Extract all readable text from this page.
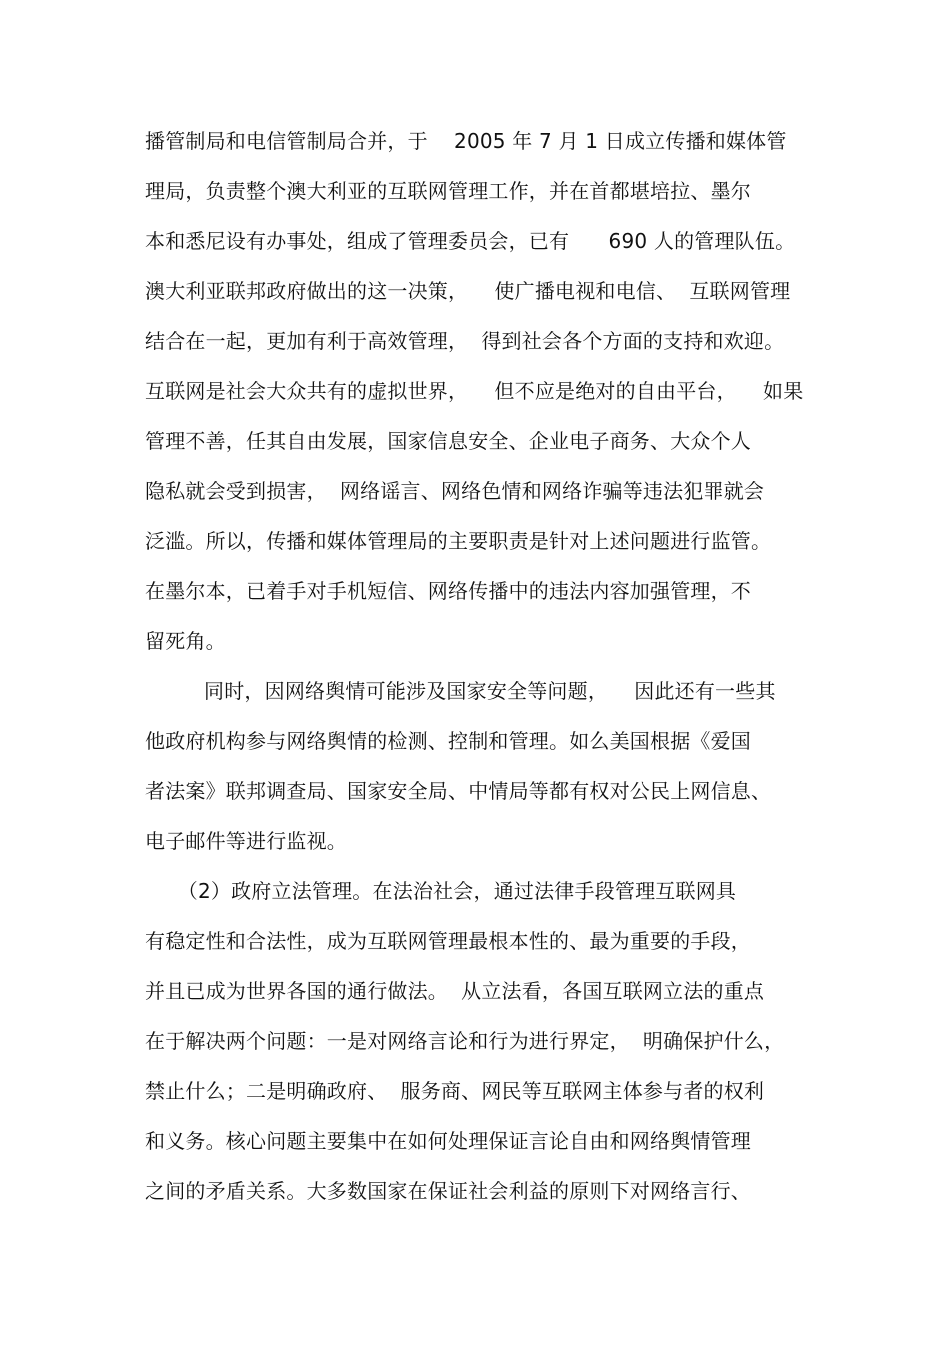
播管制局和电信管制局合并，于    2005 年 7 月 1 日成立传播和媒体管
理局，负责整个澳大利亚的互联网管理工作，并在首都堪培拉、墨尔
本和悉尼设有办事处，组成了管理委员会，已有      690 人的管理队伍。
澳大利亚联邦政府做出的这一决策，    使广播电视和电信、  互联网管理
结合在一起，更加有利于高效管理，  得到社会各个方面的支持和欢迎。
互联网是社会大众共有的虚拟世界，    但不应是绝对的自由平台，    如果
管理不善，任其自由发展，国家信息安全、企业电子商务、大众个人
隐私就会受到损害，  网络谣言、网络色情和网络诈骗等违法犯罪就会
泛滥。所以，传播和媒体管理局的主要职责是针对上述问题进行监管。
在墨尔本，已着手对手机短信、网络传播中的违法内容加强管理，不
留死角。
同时，因网络舆情可能涉及国家安全等问题，    因此还有一些其
他政府机构参与网络舆情的检测、控制和管理。如么美国根据《爱国
者法案》联邦调查局、国家安全局、中情局等都有权对公民上网信息、
电子邮件等进行监视。
（2）政府立法管理。在法治社会，通过法律手段管理互联网具
有稳定性和合法性，成为互联网管理最根本性的、最为重要的手段，
并且已成为世界各国的通行做法。  从立法看，各国互联网立法的重点
在于解决两个问题：一是对网络言论和行为进行界定，  明确保护什么，
禁止什么；二是明确政府、  服务商、网民等互联网主体参与者的权利
和义务。核心问题主要集中在如何处理保证言论自由和网络舆情管理
之间的矛盾关系。大多数国家在保证社会利益的原则下对网络言行、
